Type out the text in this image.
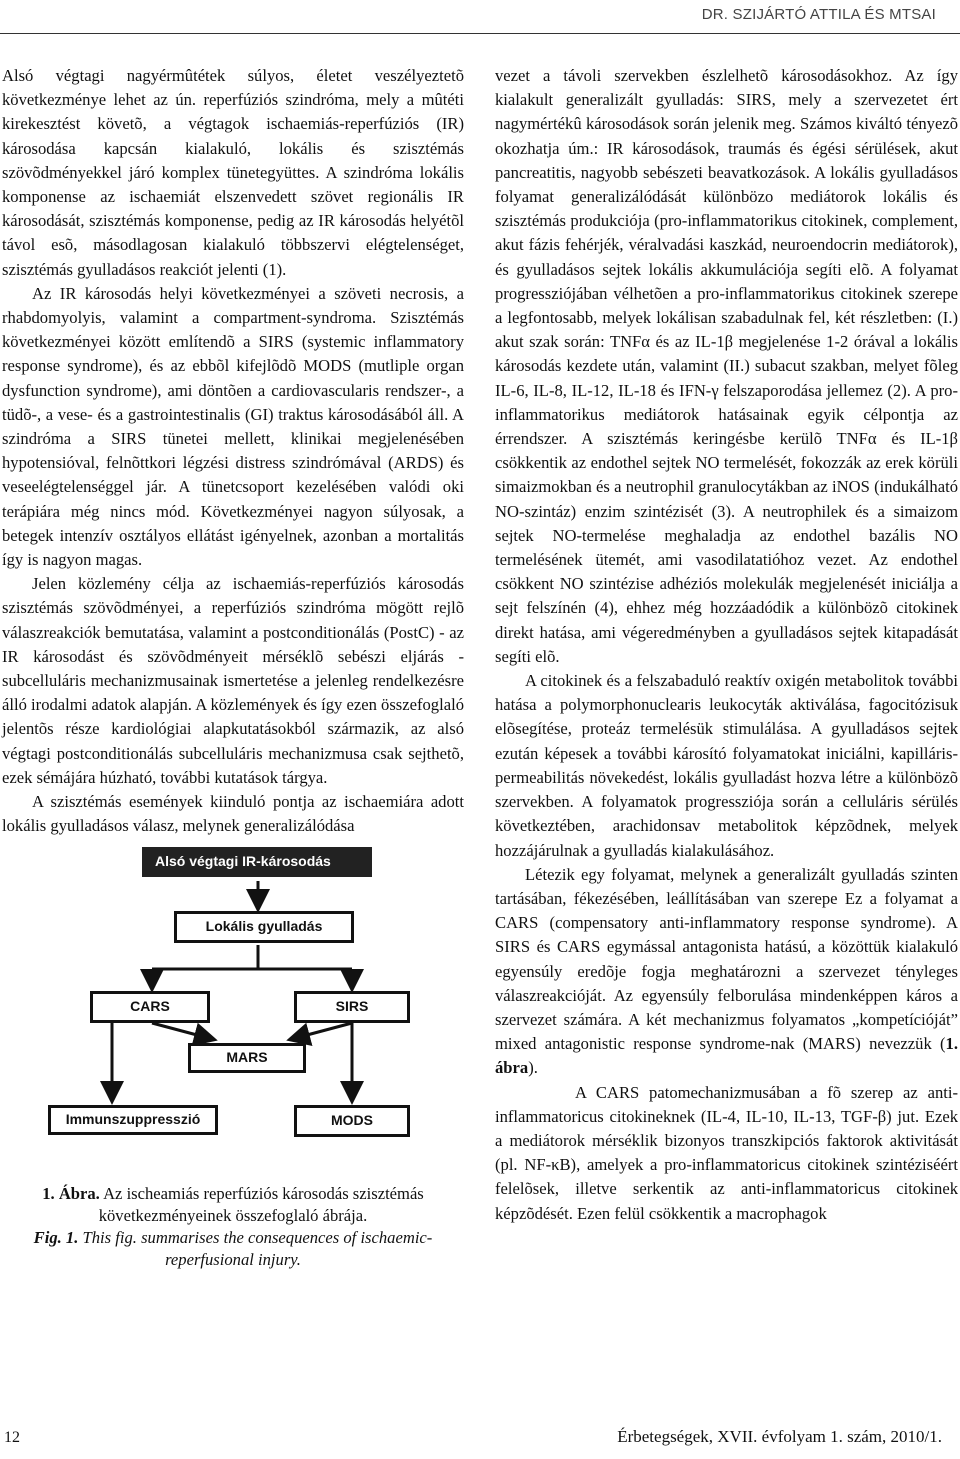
DR. SZIJÁRTÓ ATTILA ÉS MTSAI

Alsó végtagi nagyérmûtétek súlyos, életet veszélyeztetõ következménye lehet az ún. reperfúziós szindróma, mely a mûtéti kirekesztést követõ, a végtagok ischaemiás-reperfúziós (IR) károsodása kapcsán kialakuló, lokális és szisztémás szövõdményekkel járó komplex tünetegyüttes. A szindróma lokális komponense az ischaemiát elszenvedett szövet regionális IR károsodását, szisztémás komponense, pedig az IR károsodás helyétõl távol esõ, másodlagosan kialakuló többszervi elégtelenséget, szisztémás gyulladásos reakciót jelenti (1).

Az IR károsodás helyi következményei a szöveti necrosis, a rhabdomyolyis, valamint a compartment-syndroma. Szisztémás következményei között említendõ a SIRS (systemic inflammatory response syndrome), és az ebbõl kifejlõdõ MODS (mutliple organ dysfunction syndrome), ami döntõen a cardiovascularis rendszer-, a tüdõ-, a vese- és a gastrointestinalis (GI) traktus károsodásából áll. A szindróma a SIRS tünetei mellett, klinikai megjelenésében hypotensióval, felnõttkori légzési distress szindrómával (ARDS) és veseelégtelenséggel jár. A tünetcsoport kezelésében valódi oki terápiára még nincs mód. Következményei nagyon súlyosak, a betegek intenzív osztályos ellátást igényelnek, azonban a mortalitás így is nagyon magas.

Jelen közlemény célja az ischaemiás-reperfúziós károsodás szisztémás szövõdményei, a reperfúziós szindróma mögött rejlõ válaszreakciók bemutatása, valamint a postconditionálás (PostC) - az IR károsodást és szövõdményeit mérséklõ sebészi eljárás - subcelluláris mechanizmusainak ismertetése a jelenleg rendelkezésre álló irodalmi adatok alapján. A közlemények és így ezen összefoglaló jelentõs része kardiológiai alapkutatásokból származik, az alsó végtagi postconditionálás subcelluláris mechanizmusa csak sejthetõ, ezek sémájára húzható, további kutatások tárgya.

A szisztémás események kiinduló pontja az ischaemiára adott lokális gyulladásos válasz, melynek generalizálódása

Alsó végtagi IR-károsodás
Lokális gyulladás
CARS	SIRS
MARS
Immunszuppresszió	MODS
1. Ábra. Az ischeamiás reperfúziós károsodás szisztémás következményeinek összefoglaló ábrája.
Fig. 1. This fig. summarises the consequences of ischaemic-reperfusional injury.

vezet a távoli szervekben észlelhetõ károsodásokhoz. Az így kialakult generalizált gyulladás: SIRS, mely a szervezetet ért nagymértékû károsodások során jelenik meg. Számos kiváltó tényezõ okozhatja úm.: IR károsodások, traumás és égési sérülések, akut pancreatitis, nagyobb sebészeti beavatkozások. A lokális gyulladásos folyamat generalizálódását különbözo mediátorok lokális és szisztémás produkciója (pro-inflammatorikus citokinek, complement, akut fázis fehérjék, véralvadási kaszkád, neuroendocrin mediátorok), és gyulladásos sejtek lokális akkumulációja segíti elõ. A folyamat progressziójában vélhetõen a pro-inflammatorikus citokinek szerepe a legfontosabb, melyek lokálisan szabadulnak fel, két részletben: (I.) akut szak során: TNFα és az IL-1β megjelenése 1-2 órával a lokális károsodás kezdete után, valamint (II.) subacut szakban, melyet fõleg IL-6, IL-8, IL-12, IL-18 és IFN-γ felszaporodása jellemez (2). A pro-inflammatorikus mediátorok hatásainak egyik célpontja az érrendszer. A szisztémás keringésbe kerülõ TNFα és IL-1β csökkentik az endothel sejtek NO termelését, fokozzák az erek körüli simaizmokban és a neutrophil granulocytákban az iNOS (indukálható NO-szintáz) enzim szintézisét (3). A neutrophilek és a simaizom sejtek NO-termelése meghaladja az endothel bazális NO termelésének ütemét, ami vasodilatatióhoz vezet. Az endothel csökkent NO szintézise adhéziós molekulák megjelenését iniciálja a sejt felszínén (4), ehhez még hozzáadódik a különbözõ citokinek direkt hatása, ami végeredményben a gyulladásos sejtek kitapadását segíti elõ.

A citokinek és a felszabaduló reaktív oxigén metabolitok további hatása a polymorphonuclearis leukocyták aktiválása, fagocitózisuk elõsegítése, proteáz termelésük stimulálása. A gyulladásos sejtek ezután képesek a további károsító folyamatokat iniciálni, kapilláris-permeabilitás növekedést, lokális gyulladást hozva létre a különbözõ szervekben. A folyamatok progressziója során a celluláris sérülés következtében, arachidonsav metabolitok képzõdnek, melyek hozzájárulnak a gyulladás kialakulásához.

Létezik egy folyamat, melynek a generalizált gyulladás szinten tartásában, fékezésében, leállításában van szerepe Ez a folyamat a CARS (compensatory anti-inflammatory response syndrome). A SIRS és CARS egymással antagonista hatású, a közöttük kialakuló egyensúly eredõje fogja meghatározni a szervezet tényleges válaszreakcióját. Az egyensúly felborulása mindenképpen káros a szervezet számára. A két mechanizmus folyamatos „kompetícióját” mixed antagonistic response syndrome-nak (MARS) nevezzük (1. ábra).

A CARS patomechanizmusában a fõ szerep az anti-inflammatoricus citokineknek (IL-4, IL-10, IL-13, TGF-β) jut. Ezek a mediátorok mérséklik bizonyos transzkipciós faktorok aktivitását (pl. NF-κB), amelyek a pro-inflammatoricus citokinek szintéziséért felelõsek, illetve serkentik az anti-inflammatoricus citokinek képzõdését. Ezen felül csökkentik a macrophagok

12	Érbetegségek, XVII. évfolyam 1. szám, 2010/1.
